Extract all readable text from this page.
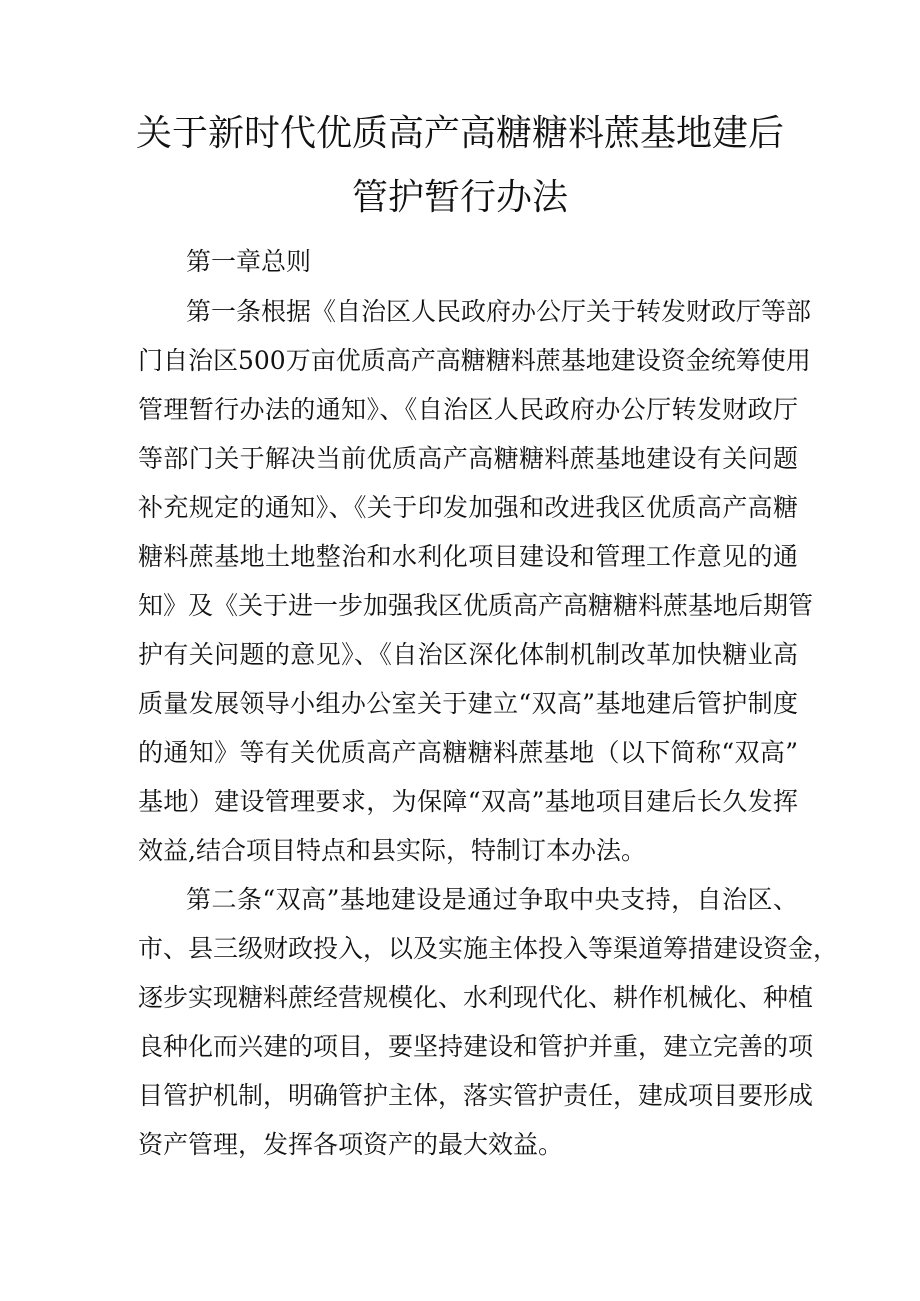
关于新时代优质高产高糖糖料蔗基地建后
管护暂行办法
第一章总则

第一条根据《自治区人民政府办公厅关于转发财政厅等部

门自治区500万亩优质高产高糖糖料蔗基地建设资金统筹使用

管理暂行办法的通知》、《自治区人民政府办公厅转发财政厅

等部门关于解决当前优质高产高糖糖料蔗基地建设有关问题

补充规定的通知》、《关于印发加强和改进我区优质高产高糖

糖料蔗基地土地整治和水利化项目建设和管理工作意见的通

知》及《关于进一步加强我区优质高产高糖糖料蔗基地后期管

护有关问题的意见》、《自治区深化体制机制改革加快糖业高

质量发展领导小组办公室关于建立“双高”基地建后管护制度

的通知》等有关优质高产高糖糖料蔗基地（以下简称“双高”

基地）建设管理要求，为保障“双高”基地项目建后长久发挥

效益,结合项目特点和县实际，特制订本办法。

第二条“双高”基地建设是通过争取中央支持，自治区、

市、县三级财政投入，以及实施主体投入等渠道筹措建设资金，

逐步实现糖料蔗经营规模化、水利现代化、耕作机械化、种植

良种化而兴建的项目，要坚持建设和管护并重，建立完善的项

目管护机制，明确管护主体，落实管护责任，建成项目要形成

资产管理，发挥各项资产的最大效益。
